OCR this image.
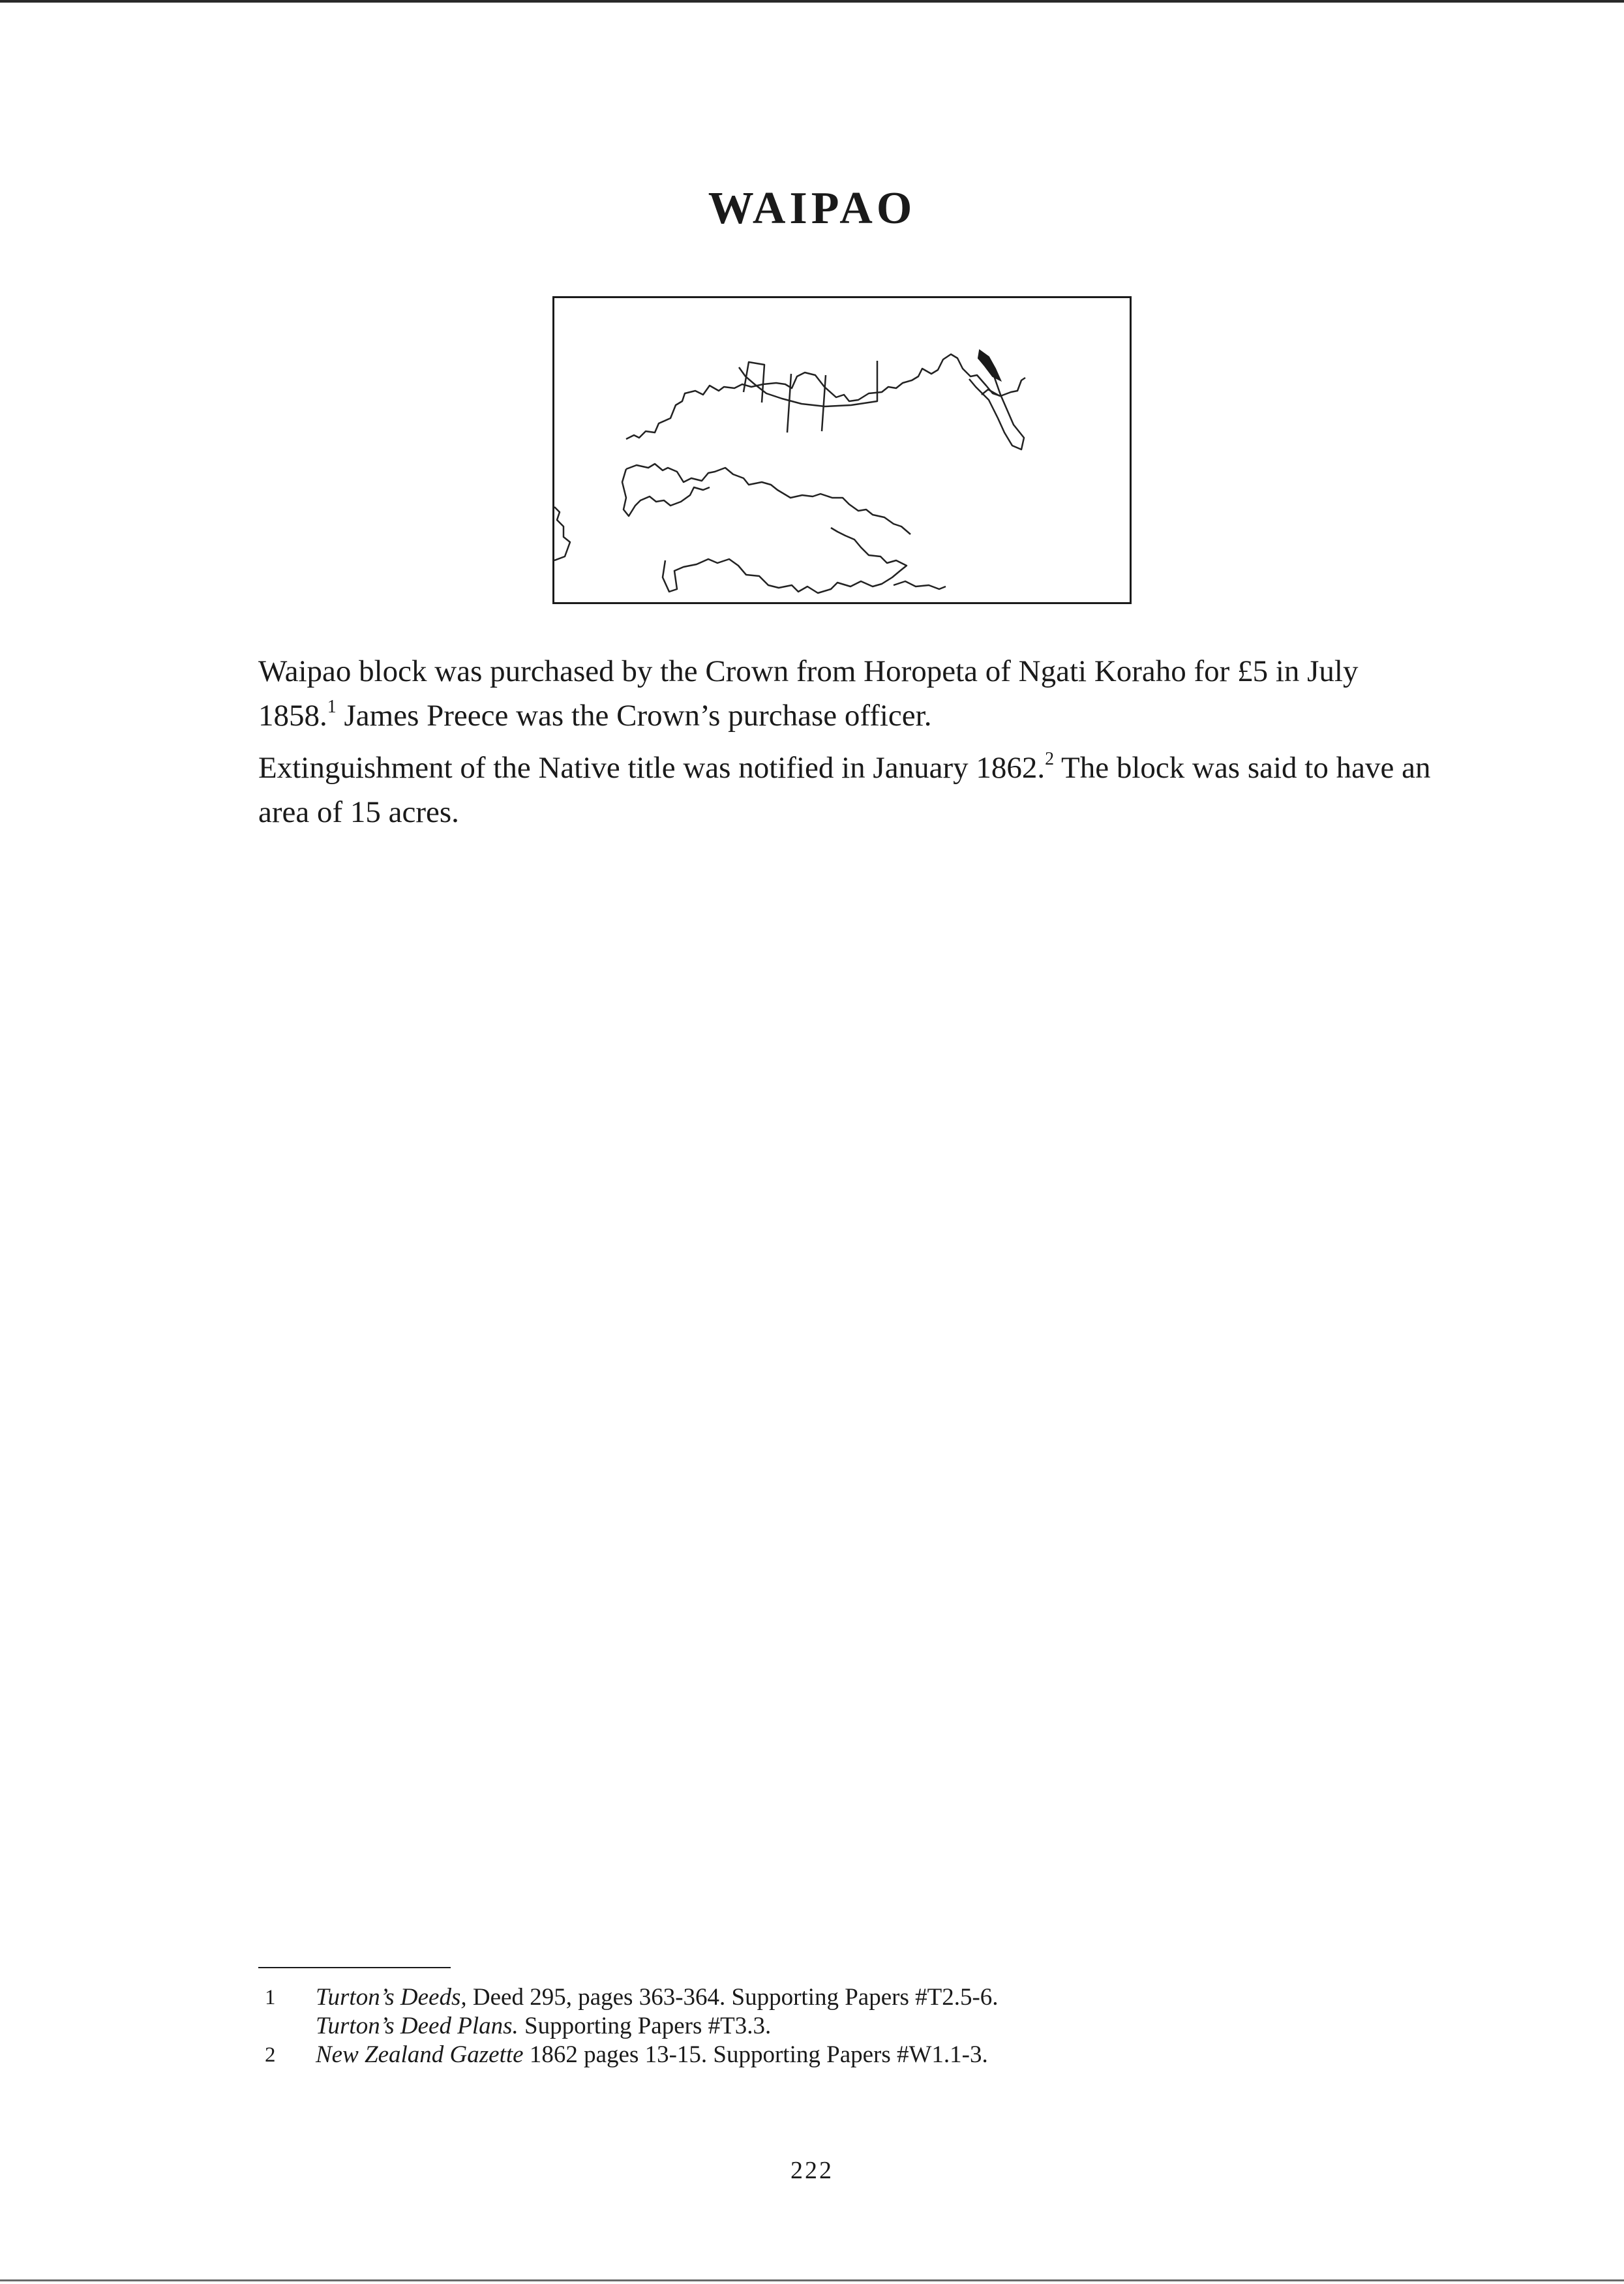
WAIPAO
Waipao block was purchased by the Crown from Horopeta of Ngati Koraho for £5 in July 1858.$^1$ James Preece was the Crown’s purchase officer.
Extinguishment of the Native title was notified in January 1862.$^2$ The block was said to have an area of 15 acres.
1 Turton’s Deeds, Deed 295, pages 363-364. Supporting Papers #T2.5-6.
Turton’s Deed Plans. Supporting Papers #T3.3.
2 New Zealand Gazette 1862 pages 13-15. Supporting Papers #W1.1-3.
222
